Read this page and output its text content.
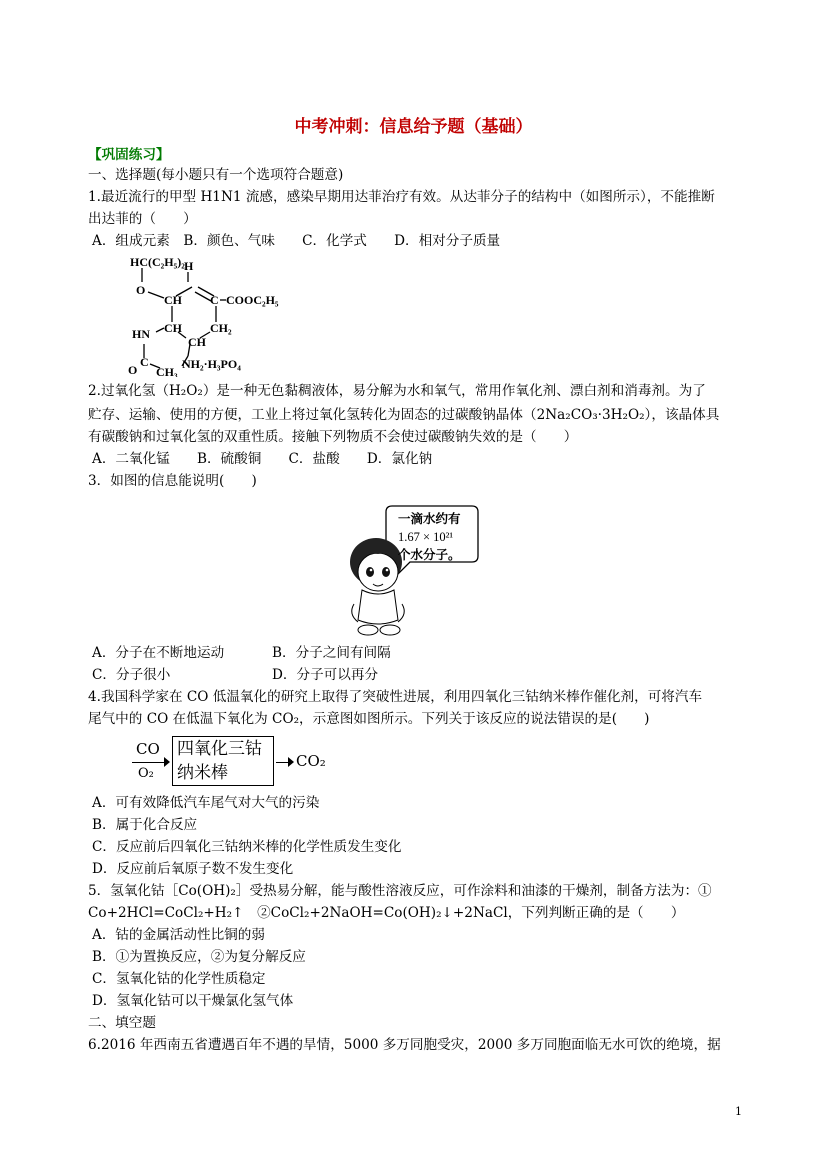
中考冲刺：信息给予题（基础）
【巩固练习】
一、选择题(每小题只有一个选项符合题意)
1.最近流行的甲型 H1N1 流感，感染早期用达菲治疗有效。从达菲分子的结构中（如图所示），不能推断
出达菲的（　　）
A．组成元素　B．颜色、气味　　C．化学式　　D．相对分子质量
HC(C₂H₅)₂
O
H
CH C COOC₂H₅
HN CH
CH
CH₂
C	NH₂·H₃PO₄
O CH₃
2.过氧化氢（H₂O₂）是一种无色黏稠液体，易分解为水和氧气，常用作氧化剂、漂白剂和消毒剂。为了
贮存、运输、使用的方便，工业上将过氧化氢转化为固态的过碳酸钠晶体（2Na₂CO₃·3H₂O₂），该晶体具
有碳酸钠和过氧化氢的双重性质。接触下列物质不会使过碳酸钠失效的是（　　）
A．二氧化锰　　B．硫酸铜　　C．盐酸　　D．氯化钠
3．如图的信息能说明(　　)
一滴水约有
1.67 × 10²¹
个水分子。
A．分子在不断地运动	B．分子之间有间隔
C．分子很小	D．分子可以再分
4.我国科学家在 CO 低温氧化的研究上取得了突破性进展，利用四氧化三钴纳米棒作催化剂，可将汽车
尾气中的 CO 在低温下氧化为 CO₂，示意图如图所示。下列关于该反应的说法错误的是(　　)
CO
O₂
四氧化三钴
纳米棒
CO₂
A．可有效降低汽车尾气对大气的污染
B．属于化合反应
C．反应前后四氧化三钴纳米棒的化学性质发生变化
D．反应前后氧原子数不发生变化
5．氢氧化钴［Co(OH)₂］受热易分解，能与酸性溶液反应，可作涂料和油漆的干燥剂，制备方法为：①
Co+2HCl=CoCl₂+H₂↑　②CoCl₂+2NaOH=Co(OH)₂↓+2NaCl，下列判断正确的是（　　）
A．钴的金属活动性比铜的弱
B．①为置换反应，②为复分解反应
C．氢氧化钴的化学性质稳定
D．氢氧化钴可以干燥氯化氢气体
二、填空题
6.2016 年西南五省遭遇百年不遇的旱情，5000 多万同胞受灾，2000 多万同胞面临无水可饮的绝境，据
1
